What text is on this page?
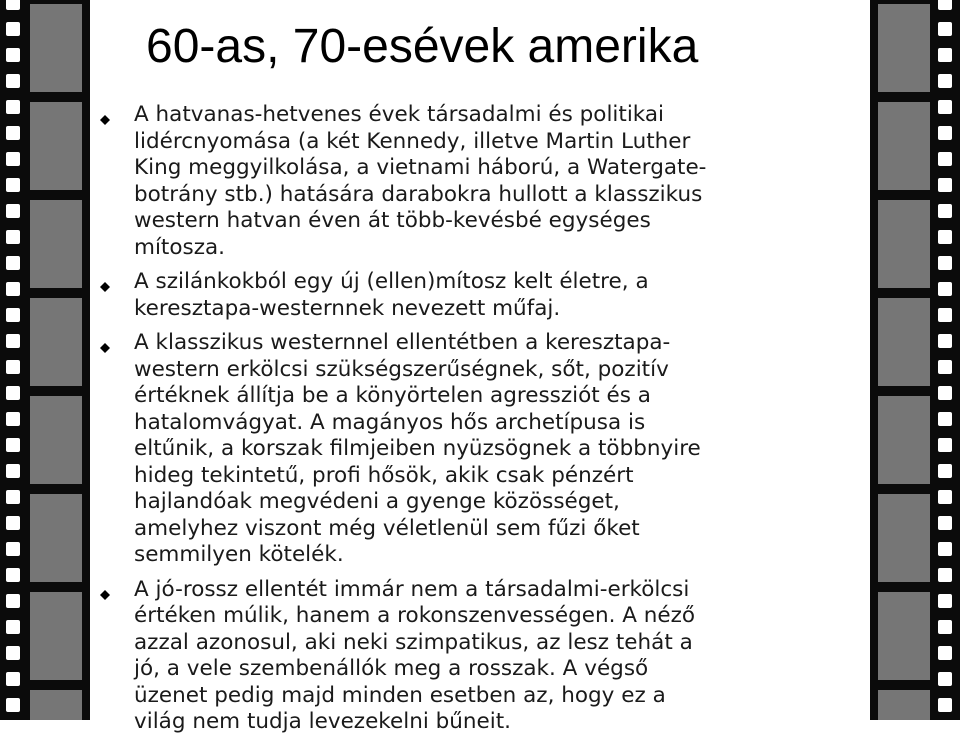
60-as, 70-esévek amerika
A hatvanas-hetvenes évek társadalmi és politikai
lidércnyomása (a két Kennedy, illetve Martin Luther
King meggyilkolása, a vietnami háború, a Watergate-
botrány stb.) hatására darabokra hullott a klasszikus
western hatvan éven át több-kevésbé egységes
mítosza.
A szilánkokból egy új (ellen)mítosz kelt életre, a
keresztapa-westernnek nevezett műfaj.
A klasszikus westernnel ellentétben a keresztapa-
western erkölcsi szükségszerűségnek, sőt, pozitív
értéknek állítja be a könyörtelen agressziót és a
hatalomvágyat. A magányos hős archetípusa is
eltűnik, a korszak filmjeiben nyüzsögnek a többnyire
hideg tekintetű, profi hősök, akik csak pénzért
hajlandóak megvédeni a gyenge közösséget,
amelyhez viszont még véletlenül sem fűzi őket
semmilyen kötelék.
A jó-rossz ellentét immár nem a társadalmi-erkölcsi
értéken múlik, hanem a rokonszenvességen. A néző
azzal azonosul, aki neki szimpatikus, az lesz tehát a
jó, a vele szembenállók meg a rosszak. A végső
üzenet pedig majd minden esetben az, hogy ez a
világ nem tudja levezekelni bűneit.
